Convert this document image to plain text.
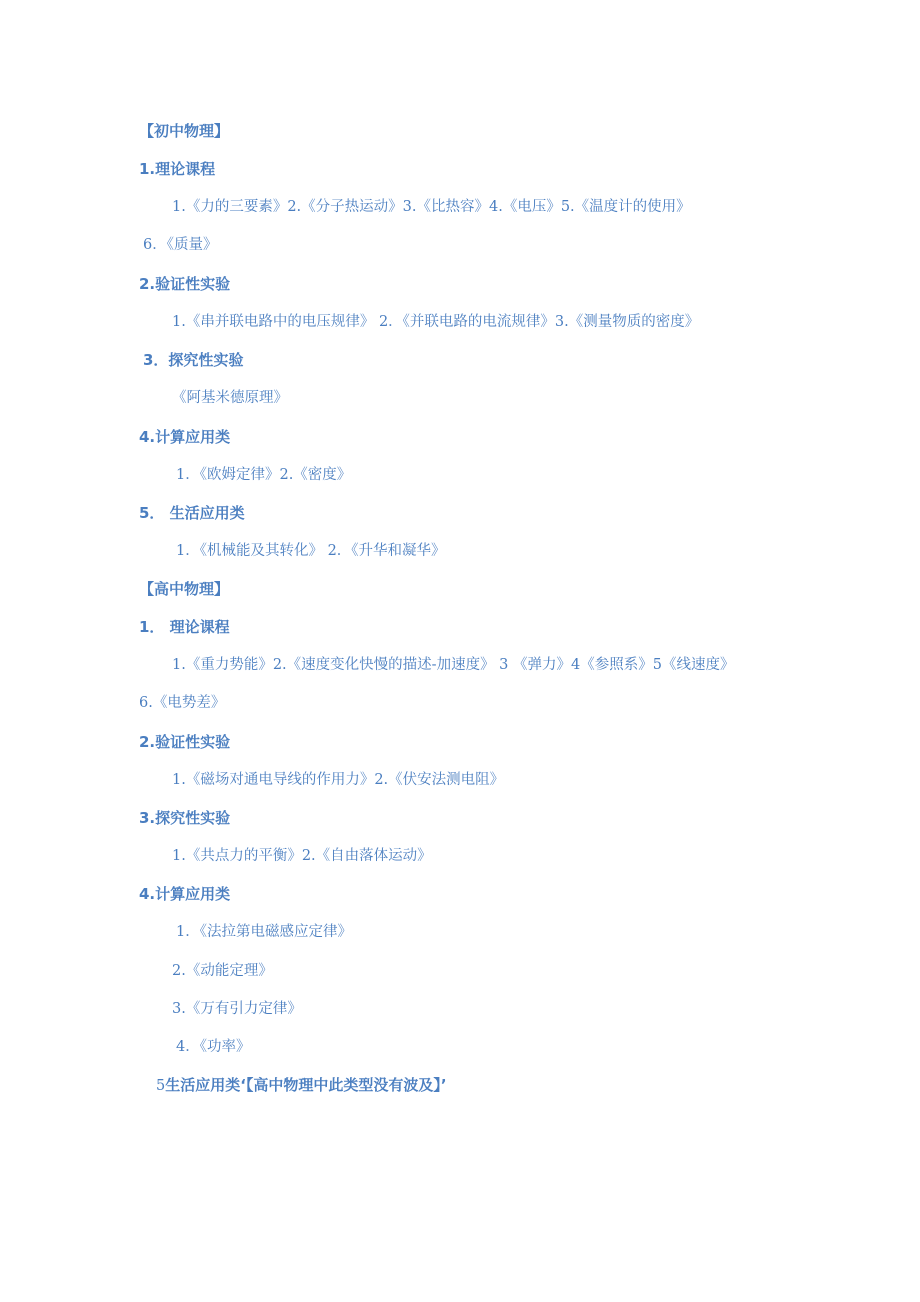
【初中物理】
1.理论课程
1.《力的三要素》2.《分子热运动》3.《比热容》4.《电压》5.《温度计的使用》
6．《质量》
2.验证性实验
1.《串并联电路中的电压规律》 2．《并联电路的电流规律》3.《测量物质的密度》
3．探究性实验
《阿基米德原理》
4.计算应用类
1．《欧姆定律》2.《密度》
5． 生活应用类
1．《机械能及其转化》 2．《升华和凝华》
【高中物理】
1． 理论课程
1.《重力势能》2.《速度变化快慢的描述-加速度》 3 《弹力》4《参照系》5《线速度》
6.《电势差》
2.验证性实验
1.《磁场对通电导线的作用力》2.《伏安法测电阻》
3.探究性实验
1.《共点力的平衡》2.《自由落体运动》
4.计算应用类
1．《法拉第电磁感应定律》
2.《动能定理》
3.《万有引力定律》
4．《功率》
5生活应用类‘【高中物理中此类型没有波及】’
